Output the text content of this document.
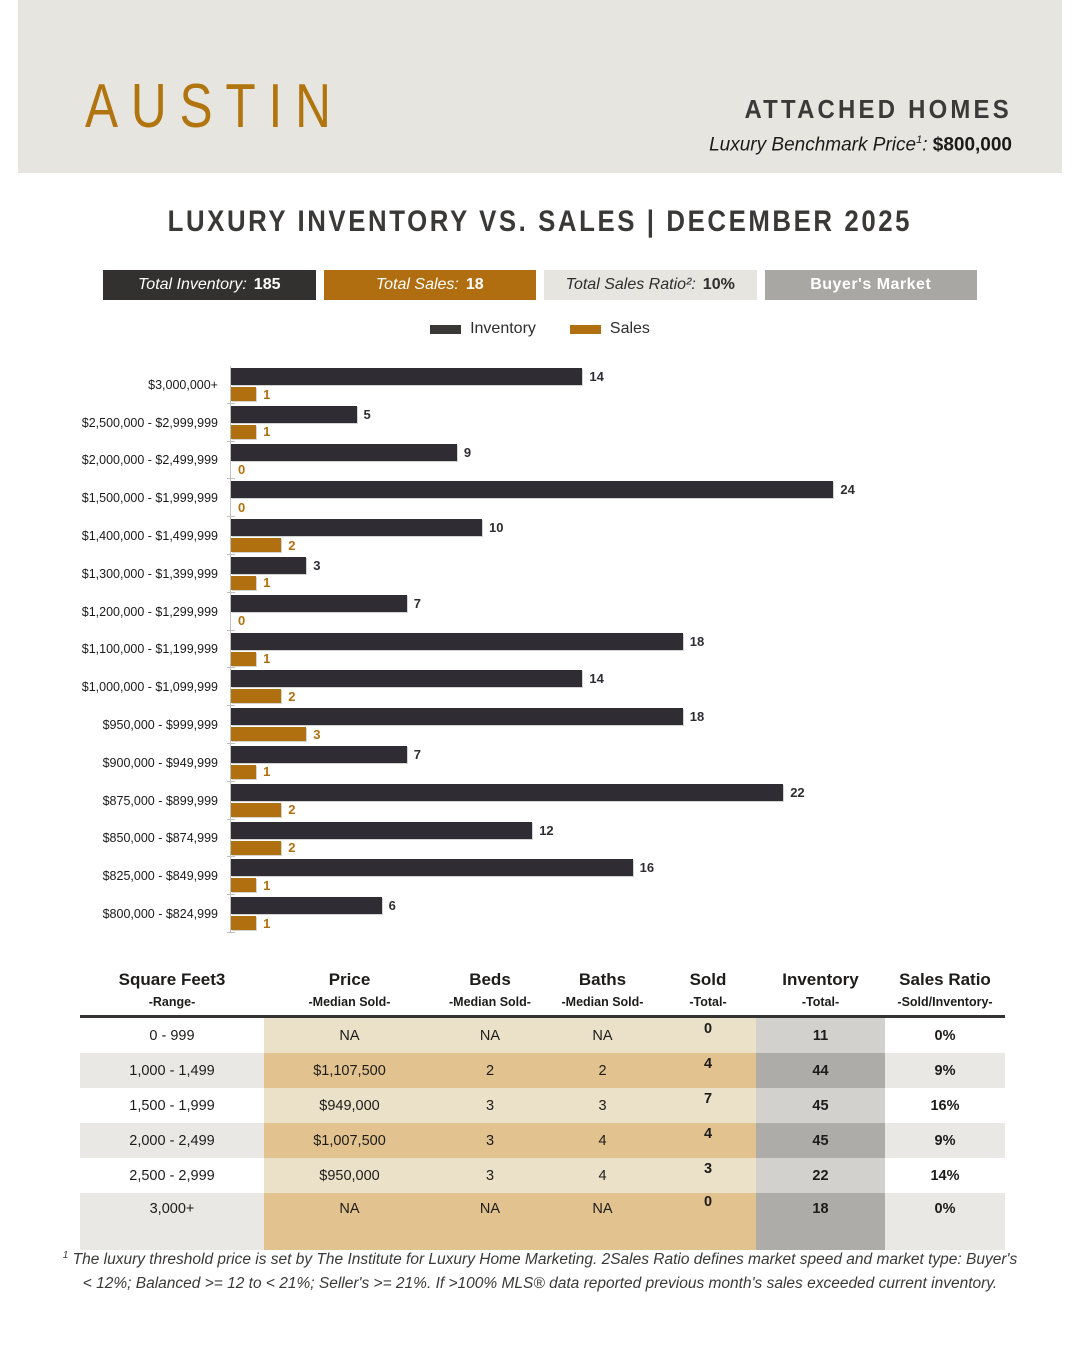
AUSTIN	ATTACHED HOMES
Luxury Benchmark Price$^1$: $800,000
LUXURY INVENTORY VS. SALES | DECEMBER 2025
Total Inventory: 185	Total Sales: 18	Total Sales Ratio²: 10%	Buyer's Market
Inventory	Sales
$3,000,000+
14
1
$2,500,000 - $2,999,999
5
1
$2,000,000 - $2,499,999
9
0
$1,500,000 - $1,999,999
24
0
$1,400,000 - $1,499,999
10
2
$1,300,000 - $1,399,999
3
1
$1,200,000 - $1,299,999
7
0
$1,100,000 - $1,199,999
18
1
$1,000,000 - $1,099,999
14
2
$950,000 - $999,999
18
3
$900,000 - $949,999
7
1
$875,000 - $899,999
22
2
$850,000 - $874,999
12
2
$825,000 - $849,999
16
1
$800,000 - $824,999
6
1
Square Feet3
-Range-
Price
-Median Sold-
Beds
-Median Sold-
Baths
-Median Sold-
Sold
-Total-
Inventory
-Total-
Sales Ratio
-Sold/Inventory-
0 - 999	NA	NA	NA	0	11	0%
1,000 - 1,499	$1,107,500	2	2	4	44	9%
1,500 - 1,999	$949,000	3	3	7	45	16%
2,000 - 2,499	$1,007,500	3	4	4	45	9%
2,500 - 2,999	$950,000	3	4	3	22	14%
3,000+	NA	NA	NA	0	18	0%
$^1$ The luxury threshold price is set by The Institute for Luxury Home Marketing. 2Sales Ratio defines market speed and market type: Buyer's < 12%; Balanced >= 12 to < 21%; Seller's >= 21%. If >100% MLS® data reported previous month's sales exceeded current inventory.
